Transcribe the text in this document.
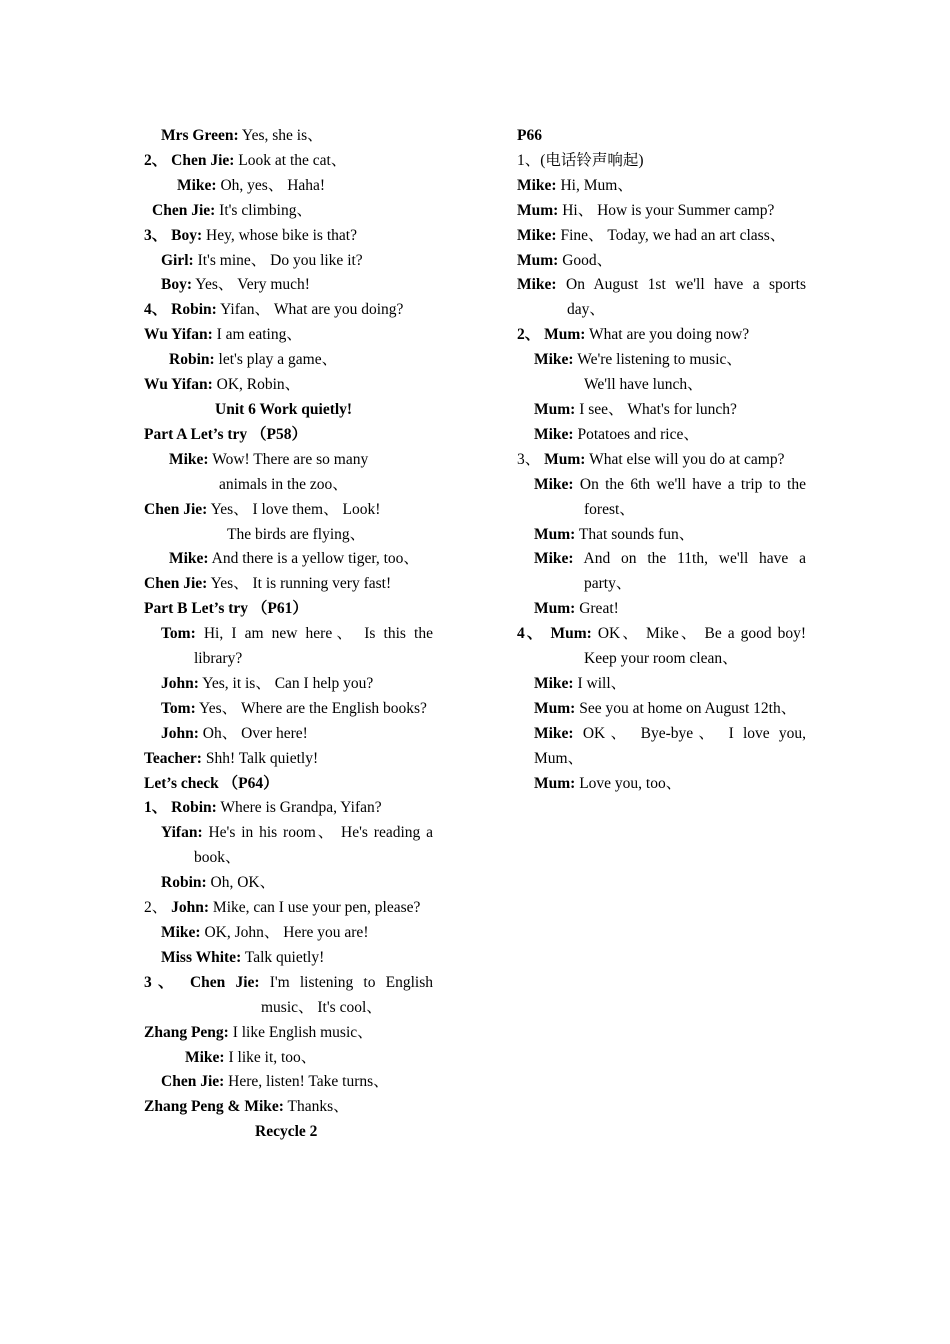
Mrs Green: Yes, she is、
2、 Chen Jie: Look at the cat、
Mike: Oh, yes、 Haha!
Chen Jie: It's climbing、
3、 Boy: Hey, whose bike is that?
Girl: It's mine、 Do you like it?
Boy: Yes、 Very much!
4、 Robin: Yifan、 What are you doing?
Wu Yifan: I am eating、
Robin: let's play a game、
Wu Yifan: OK, Robin、
Unit 6 Work quietly!
Part A Let’s try （P58）
Mike: Wow! There are so many
animals in the zoo、
Chen Jie: Yes、 I love them、 Look!
The birds are flying、
Mike: And there is a yellow tiger, too、
Chen Jie: Yes、 It is running very fast!
Part B Let’s try （P61）
Tom: Hi, I am new here、 Is this the library?
John: Yes, it is、 Can I help you?
Tom: Yes、 Where are the English books?
John: Oh、 Over here!
Teacher: Shh! Talk quietly!
Let’s check （P64）
1、 Robin: Where is Grandpa, Yifan?
Yifan: He's in his room、 He's reading a book、
Robin: Oh, OK、
2、 John: Mike, can I use your pen, please?
Mike: OK, John、 Here you are!
Miss White: Talk quietly!
3、 Chen Jie: I'm listening to English music、 It's cool、
Zhang Peng: I like English music、
Mike: I like it, too、
Chen Jie: Here, listen! Take turns、
Zhang Peng & Mike: Thanks、
Recycle 2
P66
1、(电话铃声响起)
Mike: Hi, Mum、
Mum: Hi、 How is your Summer camp?
Mike: Fine、 Today, we had an art class、
Mum: Good、
Mike: On August 1st we'll have a sports day、
2、 Mum: What are you doing now?
Mike: We're listening to music、
We'll have lunch、
Mum: I see、 What's for lunch?
Mike: Potatoes and rice、
3、 Mum: What else will you do at camp?
Mike: On the 6th we'll have a trip to the forest、
Mum: That sounds fun、
Mike: And on the 11th, we'll have a party、
Mum: Great!
4、 Mum: OK、 Mike、 Be a good boy! Keep your room clean、
Mike: I will、
Mum: See you at home on August 12th、
Mike: OK、 Bye-bye、 I love you, Mum、
Mum: Love you, too、
